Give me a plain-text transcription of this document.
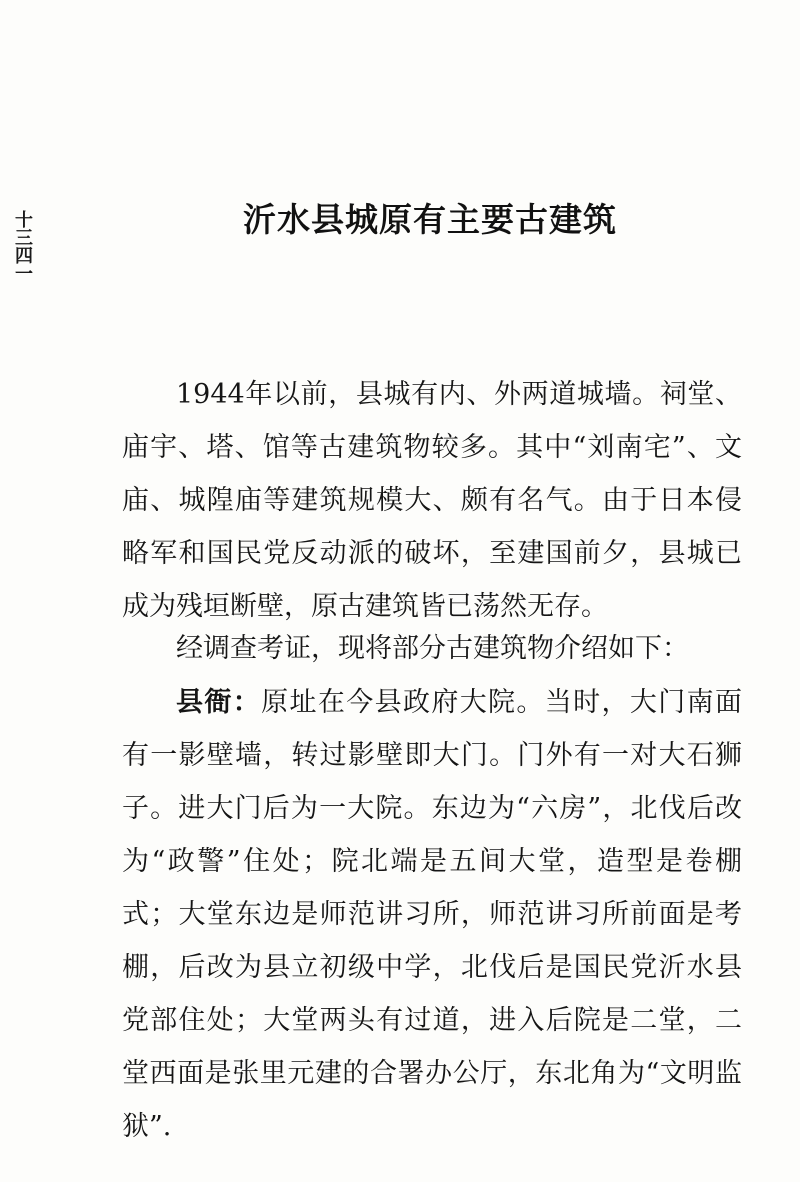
十三四一	沂水县城原有主要古建筑

1944年以前，县城有内、外两道城墙。祠堂、庙宇、塔、馆等古建筑物较多。其中“刘南宅”、文庙、城隍庙等建筑规模大、颇有名气。由于日本侵略军和国民党反动派的破坏，至建国前夕，县城已成为残垣断壁，原古建筑皆已荡然无存。

经调查考证，现将部分古建筑物介绍如下：

县衙：原址在今县政府大院。当时，大门南面有一影壁墙，转过影壁即大门。门外有一对大石狮子。进大门后为一大院。东边为“六房”，北伐后改为“政警”住处；院北端是五间大堂，造型是卷棚式；大堂东边是师范讲习所，师范讲习所前面是考棚，后改为县立初级中学，北伐后是国民党沂水县党部住处；大堂两头有过道，进入后院是二堂，二堂西面是张里元建的合署办公厅，东北角为“文明监狱”.
